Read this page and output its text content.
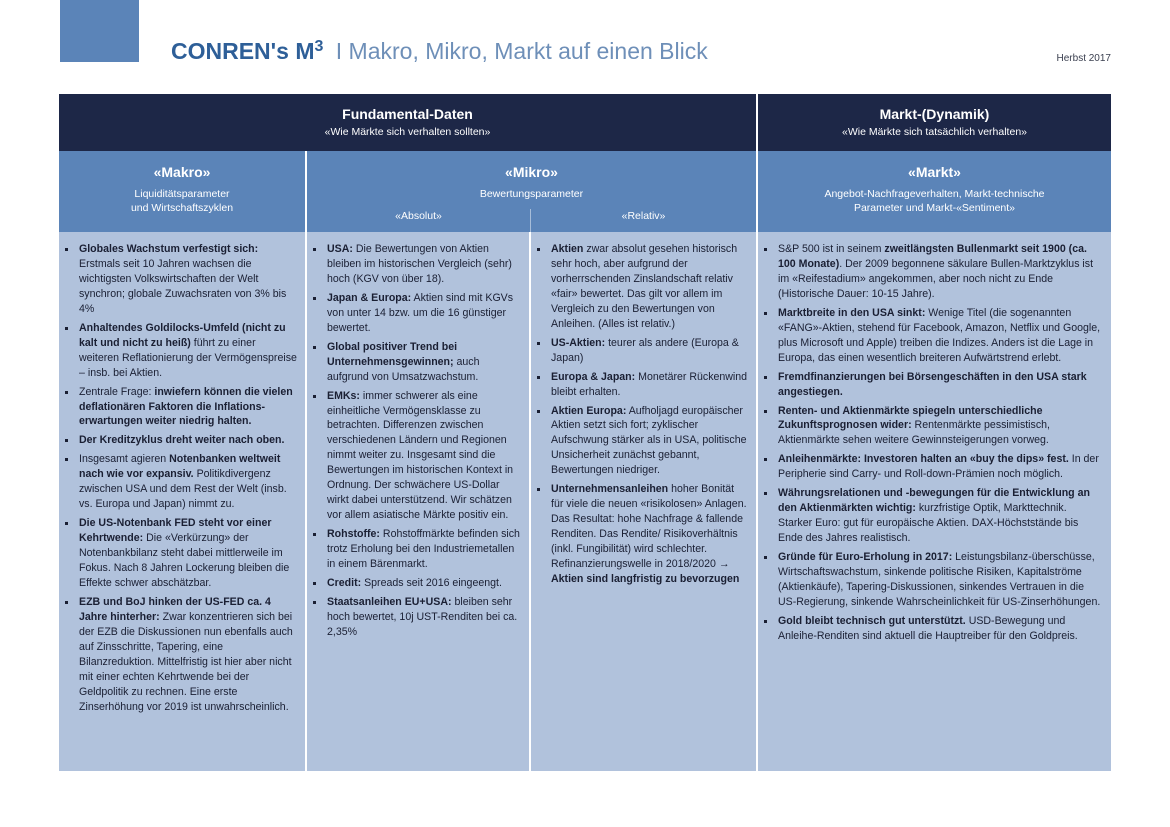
CONREN's $M^3$ I Makro, Mikro, Markt auf einen Blick	Herbst 2017
Fundamental-Daten
«Wie Märkte sich verhalten sollten»
Markt-(Dynamik)
«Wie Märkte sich tatsächlich verhalten»
«Makro»
Liquiditätsparameter
und Wirtschaftszyklen
«Mikro»
Bewertungsparameter
«Absolut»	«Relativ»
«Markt»
Angebot-Nachfrageverhalten, Markt-technische
Parameter und Markt-«Sentiment»
Globales Wachstum verfestigt sich: Erstmals seit 10 Jahren wachsen die wichtigsten Volkswirtschaften der Welt synchron; globale Zuwachsraten von 3% bis 4%
Anhaltendes Goldilocks-Umfeld (nicht zu kalt und nicht zu heiß) führt zu einer weiteren Reflationierung der Vermögenspreise – insb. bei Aktien.
Zentrale Frage: inwiefern können die vielen deflationären Faktoren die Inflations-erwartungen weiter niedrig halten.
Der Kreditzyklus dreht weiter nach oben.
Insgesamt agieren Notenbanken weltweit nach wie vor expansiv. Politikdivergenz zwischen USA und dem Rest der Welt (insb. vs. Europa und Japan) nimmt zu.
Die US-Notenbank FED steht vor einer Kehrtwende: Die «Verkürzung» der Notenbankbilanz steht dabei mittlerweile im Fokus. Nach 8 Jahren Lockerung bleiben die Effekte schwer abschätzbar.
EZB und BoJ hinken der US-FED ca. 4 Jahre hinterher: Zwar konzentrieren sich bei der EZB die Diskussionen nun ebenfalls auch auf Zinsschritte, Tapering, eine Bilanzreduktion. Mittelfristig ist hier aber nicht mit einer echten Kehrtwende bei der Geldpolitik zu rechnen. Eine erste Zinserhöhung vor 2019 ist unwahrscheinlich.
USA: Die Bewertungen von Aktien bleiben im historischen Vergleich (sehr) hoch (KGV von über 18).
Japan & Europa: Aktien sind mit KGVs von unter 14 bzw. um die 16 günstiger bewertet.
Global positiver Trend bei Unternehmensgewinnen; auch aufgrund von Umsatzwachstum.
EMKs: immer schwerer als eine einheitliche Vermögensklasse zu betrachten. Differenzen zwischen verschiedenen Ländern und Regionen nimmt weiter zu. Insgesamt sind die Bewertungen im historischen Kontext in Ordnung. Der schwächere US-Dollar wirkt dabei unterstützend. Wir schätzen vor allem asiatische Märkte positiv ein.
Rohstoffe: Rohstoffmärkte befinden sich trotz Erholung bei den Industriemetallen in einem Bärenmarkt.
Credit: Spreads seit 2016 eingeengt.
Staatsanleihen EU+USA: bleiben sehr hoch bewertet, 10j UST-Renditen bei ca. 2,35%
Aktien zwar absolut gesehen historisch sehr hoch, aber aufgrund der vorherrschenden Zinslandschaft relativ «fair» bewertet. Das gilt vor allem im Vergleich zu den Bewertungen von Anleihen. (Alles ist relativ.)
US-Aktien: teurer als andere (Europa & Japan)
Europa & Japan: Monetärer Rückenwind bleibt erhalten.
Aktien Europa: Aufholjagd europäischer Aktien setzt sich fort; zyklischer Aufschwung stärker als in USA, politische Unsicherheit zunächst gebannt, Bewertungen niedriger.
Unternehmensanleihen hoher Bonität für viele die neuen «risikolosen» Anlagen. Das Resultat: hohe Nachfrage & fallende Renditen. Das Rendite/ Risikoverhältnis (inkl. Fungibilität) wird schlechter. Refinanzierungswelle in 2018/2020 → Aktien sind langfristig zu bevorzugen
S&P 500 ist in seinem zweitlängsten Bullenmarkt seit 1900 (ca. 100 Monate). Der 2009 begonnene säkulare Bullen-Marktzyklus ist im «Reifestadium» angekommen, aber noch nicht zu Ende (Historische Dauer: 10-15 Jahre).
Marktbreite in den USA sinkt: Wenige Titel (die sogenannten «FANG»-Aktien, stehend für Facebook, Amazon, Netflix und Google, plus Microsoft und Apple) treiben die Indizes. Anders ist die Lage in Europa, das einen wesentlich breiteren Aufwärtstrend erlebt.
Fremdfinanzierungen bei Börsengeschäften in den USA stark angestiegen.
Renten- und Aktienmärkte spiegeln unterschiedliche Zukunftsprognosen wider: Rentenmärkte pessimistisch, Aktienmärkte sehen weitere Gewinnsteigerungen vorweg.
Anleihenmärkte: Investoren halten an «buy the dips» fest. In der Peripherie sind Carry- und Roll-down-Prämien noch möglich.
Währungsrelationen und -bewegungen für die Entwicklung an den Aktienmärkten wichtig: kurzfristige Optik, Markttechnik. Starker Euro: gut für europäische Aktien. DAX-Höchststände bis Ende des Jahres realistisch.
Gründe für Euro-Erholung in 2017: Leistungsbilanz-überschüsse, Wirtschaftswachstum, sinkende politische Risiken, Kapitalströme (Aktienkäufe), Tapering-Diskussionen, sinkendes Vertrauen in die US-Regierung, sinkende Wahrscheinlichkeit für US-Zinserhöhungen.
Gold bleibt technisch gut unterstützt. USD-Bewegung und Anleihe-Renditen sind aktuell die Hauptreiber für den Goldpreis.
